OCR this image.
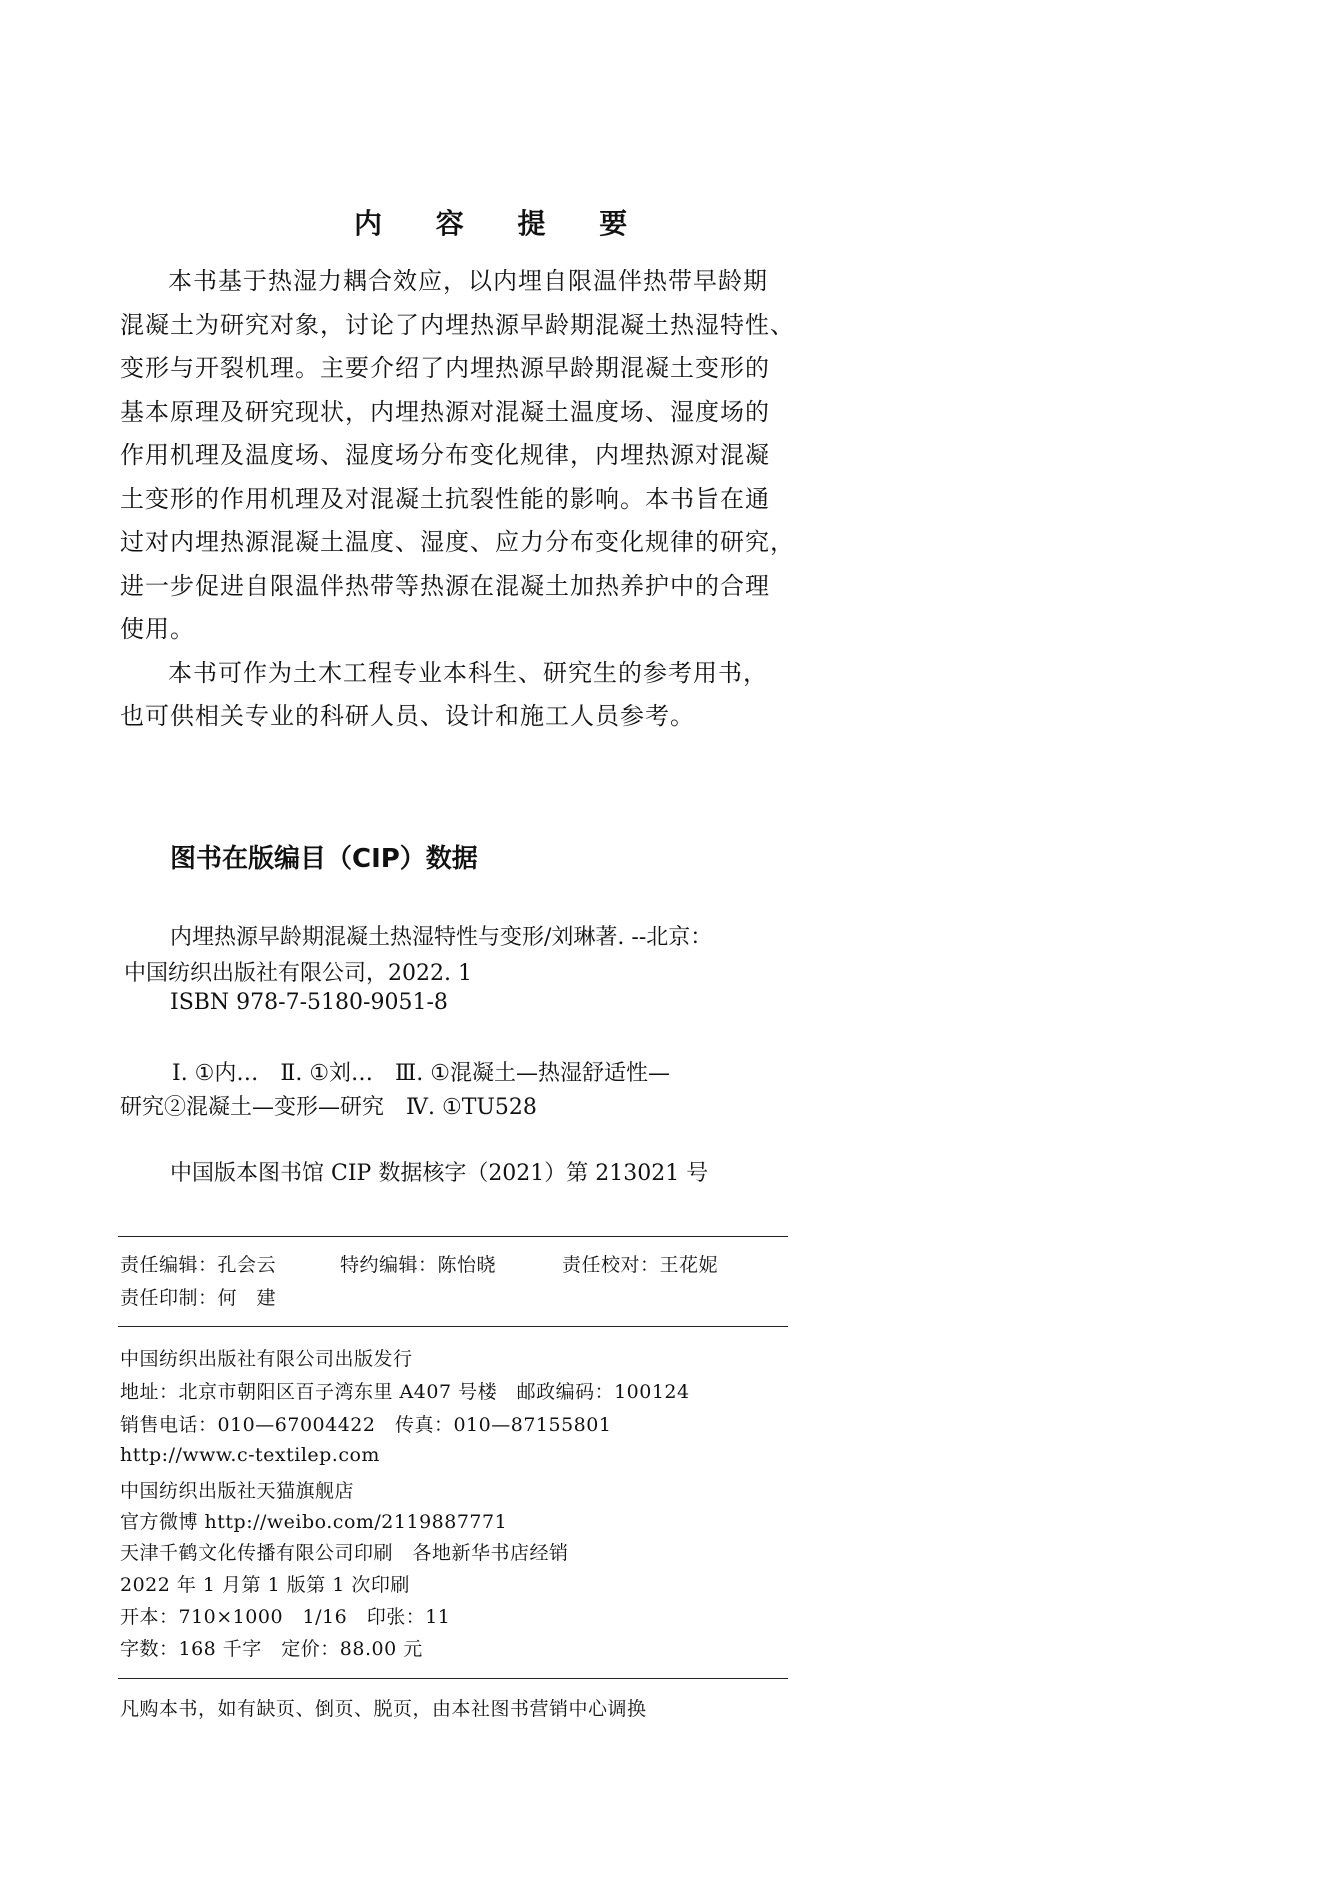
内 容 提 要

本书基于热湿力耦合效应，以内埋自限温伴热带早龄期

混凝土为研究对象，讨论了内埋热源早龄期混凝土热湿特性、

变形与开裂机理。主要介绍了内埋热源早龄期混凝土变形的

基本原理及研究现状，内埋热源对混凝土温度场、湿度场的

作用机理及温度场、湿度场分布变化规律，内埋热源对混凝

土变形的作用机理及对混凝土抗裂性能的影响。本书旨在通

过对内埋热源混凝土温度、湿度、应力分布变化规律的研究，

进一步促进自限温伴热带等热源在混凝土加热养护中的合理

使用。

本书可作为土木工程专业本科生、研究生的参考用书，

也可供相关专业的科研人员、设计和施工人员参考。

图书在版编目（CIP）数据

内埋热源早龄期混凝土热湿特性与变形/刘琳著. --北京：

中国纺织出版社有限公司，2022. 1

ISBN 978-7-5180-9051-8

Ⅰ. ①内…　Ⅱ. ①刘…　Ⅲ. ①混凝土—热湿舒适性—

研究②混凝土—变形—研究　Ⅳ. ①TU528

中国版本图书馆 CIP 数据核字（2021）第 213021 号

责任编辑：孔会云	特约编辑：陈怡晓	责任校对：王花妮

责任印制：何　建

中国纺织出版社有限公司出版发行

地址：北京市朝阳区百子湾东里 A407 号楼　邮政编码：100124

销售电话：010—67004422　传真：010—87155801

http://www.c-textilep.com

中国纺织出版社天猫旗舰店

官方微博 http://weibo.com/2119887771

天津千鹤文化传播有限公司印刷　各地新华书店经销

2022 年 1 月第 1 版第 1 次印刷

开本：710×1000　1/16　印张：11

字数：168 千字　定价：88.00 元

凡购本书，如有缺页、倒页、脱页，由本社图书营销中心调换
